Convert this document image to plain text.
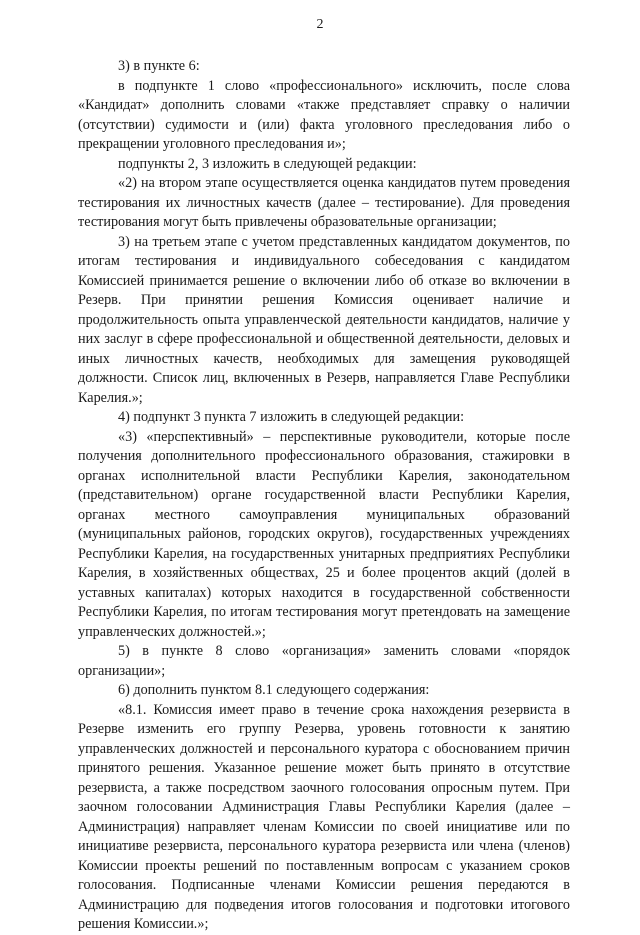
2

3) в пункте 6:

в подпункте 1 слово «профессионального» исключить, после слова «Кандидат» дополнить словами «также представляет справку о наличии (отсутствии) судимости и (или) факта уголовного преследования либо о прекращении уголовного преследования и»;

подпункты 2, 3 изложить в следующей редакции:

«2) на втором этапе осуществляется оценка кандидатов путем проведения тестирования их личностных качеств (далее – тестирование). Для проведения тестирования могут быть привлечены образовательные организации;

3) на третьем этапе с учетом представленных кандидатом документов, по итогам тестирования и индивидуального собеседования с кандидатом Комиссией принимается решение о включении либо об отказе во включении в Резерв. При принятии решения Комиссия оценивает наличие и продолжительность опыта управленческой деятельности кандидатов, наличие у них заслуг в сфере профессиональной и общественной деятельности, деловых и иных личностных качеств, необходимых для замещения руководящей должности. Список лиц, включенных в Резерв, направляется Главе Республики Карелия.»;

4) подпункт 3 пункта 7 изложить в следующей редакции:

«3) «перспективный» – перспективные руководители, которые после получения дополнительного профессионального образования, стажировки в органах исполнительной власти Республики Карелия, законодательном (представительном) органе государственной власти Республики Карелия, органах местного самоуправления муниципальных образований (муниципальных районов, городских округов), государственных учреждениях Республики Карелия, на государственных унитарных предприятиях Республики Карелия, в хозяйственных обществах, 25 и более процентов акций (долей в уставных капиталах) которых находится в государственной собственности Республики Карелия, по итогам тестирования могут претендовать на замещение управленческих должностей.»;

5) в пункте 8 слово «организация» заменить словами «порядок организации»;

6) дополнить пунктом 8.1 следующего содержания:

«8.1. Комиссия имеет право в течение срока нахождения резервиста в Резерве изменить его группу Резерва, уровень готовности к занятию управленческих должностей и персонального куратора с обоснованием причин принятого решения. Указанное решение может быть принято в отсутствие резервиста, а также посредством заочного голосования опросным путем. При заочном голосовании Администрация Главы Республики Карелия (далее – Администрация) направляет членам Комиссии по своей инициативе или по инициативе резервиста, персонального куратора резервиста или члена (членов) Комиссии проекты решений по поставленным вопросам с указанием сроков голосования. Подписанные членами Комиссии решения передаются в Администрацию для подведения итогов голосования и подготовки итогового решения Комиссии.»;
